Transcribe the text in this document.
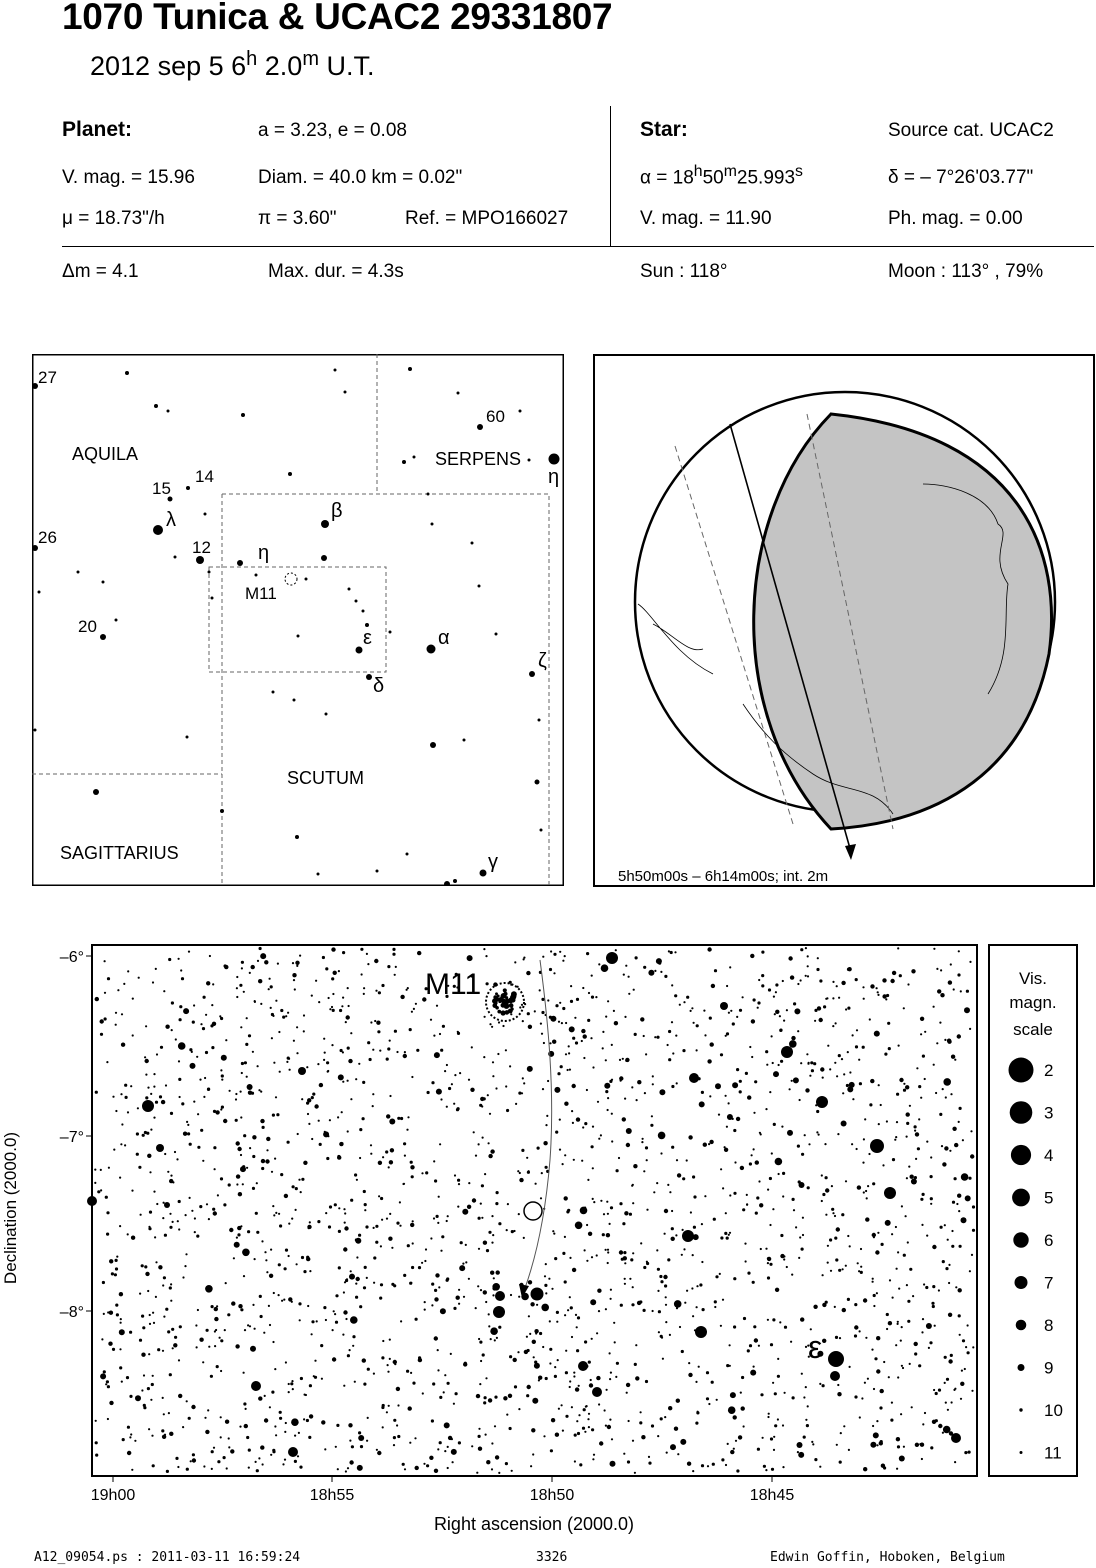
1070 Tunica & UCAC2 29331807
2012 sep 5 6$^h$ 2.0$^m$ U.T.
Planet:	a = 3.23, e = 0.08
V. mag. = 15.96	Diam. = 40.0 km = 0.02"
μ = 18.73"/h	π = 3.60"	Ref. = MPO166027
Star:	Source cat. UCAC2
$\alpha = 18^h50^m25.993^s$	δ = – 7°26'03.77"
V. mag. = 11.90	Ph. mag. = 0.00
Δm = 4.1	Max. dur. = 4.3s	Sun : 118°	Moon : 113° , 79%
AQUILA	SERPENS
SCUTUM
SAGITTARIUS
27
60
η
15
14
λ	β
26
12 η
M11
20
ε	α
ζ
δ
γ
5h50m00s – 6h14m00s; int. 2m
M11
ε
–6°
–7°
–8°
19h00	18h55	18h50	18h45
Right ascension (2000.0)
Declination (2000.0)
Vis.
magn.
scale
2
3
4
5
6
7
8
9
10
11
A12_09054.ps : 2011-03-11 16:59:24	3326	Edwin Goffin, Hoboken, Belgium
